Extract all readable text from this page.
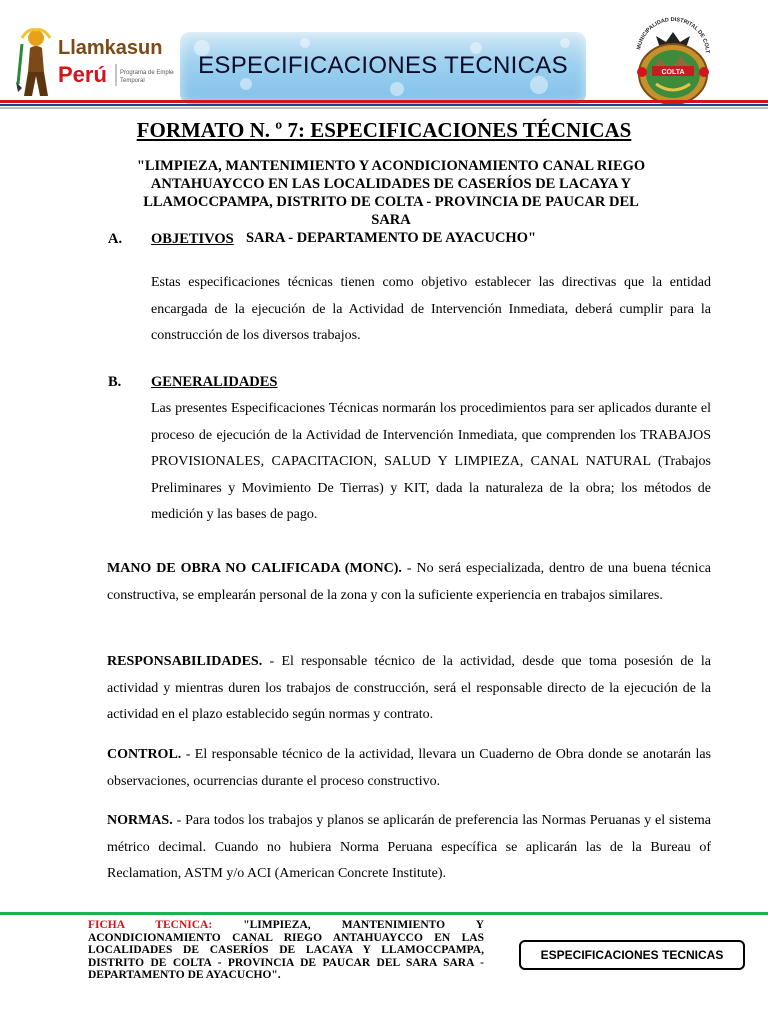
Llamkasun
Perú Programa de Empleo
Temporal
ESPECIFICACIONES TECNICAS
MUNICIPALIDAD DISTRITAL DE COLT
COLTA
FORMATO N. º 7: ESPECIFICACIONES TÉCNICAS
"LIMPIEZA, MANTENIMIENTO Y ACONDICIONAMIENTO CANAL RIEGO
ANTAHUAYCCO EN LAS LOCALIDADES DE CASERÍOS DE LACAYA Y
LLAMOCCPAMPA, DISTRITO DE COLTA - PROVINCIA DE PAUCAR DEL SARA
SARA - DEPARTAMENTO DE AYACUCHO"
A. OBJETIVOS
Estas especificaciones técnicas tienen como objetivo establecer las directivas que la entidad encargada de la ejecución de la Actividad de Intervención Inmediata, deberá cumplir para la construcción de los diversos trabajos.
B. GENERALIDADES
Las presentes Especificaciones Técnicas normarán los procedimientos para ser aplicados durante el proceso de ejecución de la Actividad de Intervención Inmediata, que comprenden los TRABAJOS PROVISIONALES, CAPACITACION, SALUD Y LIMPIEZA, CANAL NATURAL (Trabajos Preliminares y Movimiento De Tierras) y KIT, dada la naturaleza de la obra; los métodos de medición y las bases de pago.
MANO DE OBRA NO CALIFICADA (MONC). - No será especializada, dentro de una buena técnica constructiva, se emplearán personal de la zona y con la suficiente experiencia en trabajos similares.
RESPONSABILIDADES. - El responsable técnico de la actividad, desde que toma posesión de la actividad y mientras duren los trabajos de construcción, será el responsable directo de la ejecución de la actividad en el plazo establecido según normas y contrato.
CONTROL. - El responsable técnico de la actividad, llevara un Cuaderno de Obra donde se anotarán las observaciones, ocurrencias durante el proceso constructivo.
NORMAS. - Para todos los trabajos y planos se aplicarán de preferencia las Normas Peruanas y el sistema métrico decimal. Cuando no hubiera Norma Peruana específica se aplicarán las de la Bureau of Reclamation, ASTM y/o ACI (American Concrete Institute).
FICHA TECNICA: "LIMPIEZA, MANTENIMIENTO Y ACONDICIONAMIENTO CANAL RIEGO ANTAHUAYCCO EN LAS LOCALIDADES DE CASERÍOS DE LACAYA Y LLAMOCCPAMPA, DISTRITO DE COLTA - PROVINCIA DE PAUCAR DEL SARA SARA - DEPARTAMENTO DE AYACUCHO".
ESPECIFICACIONES TECNICAS
